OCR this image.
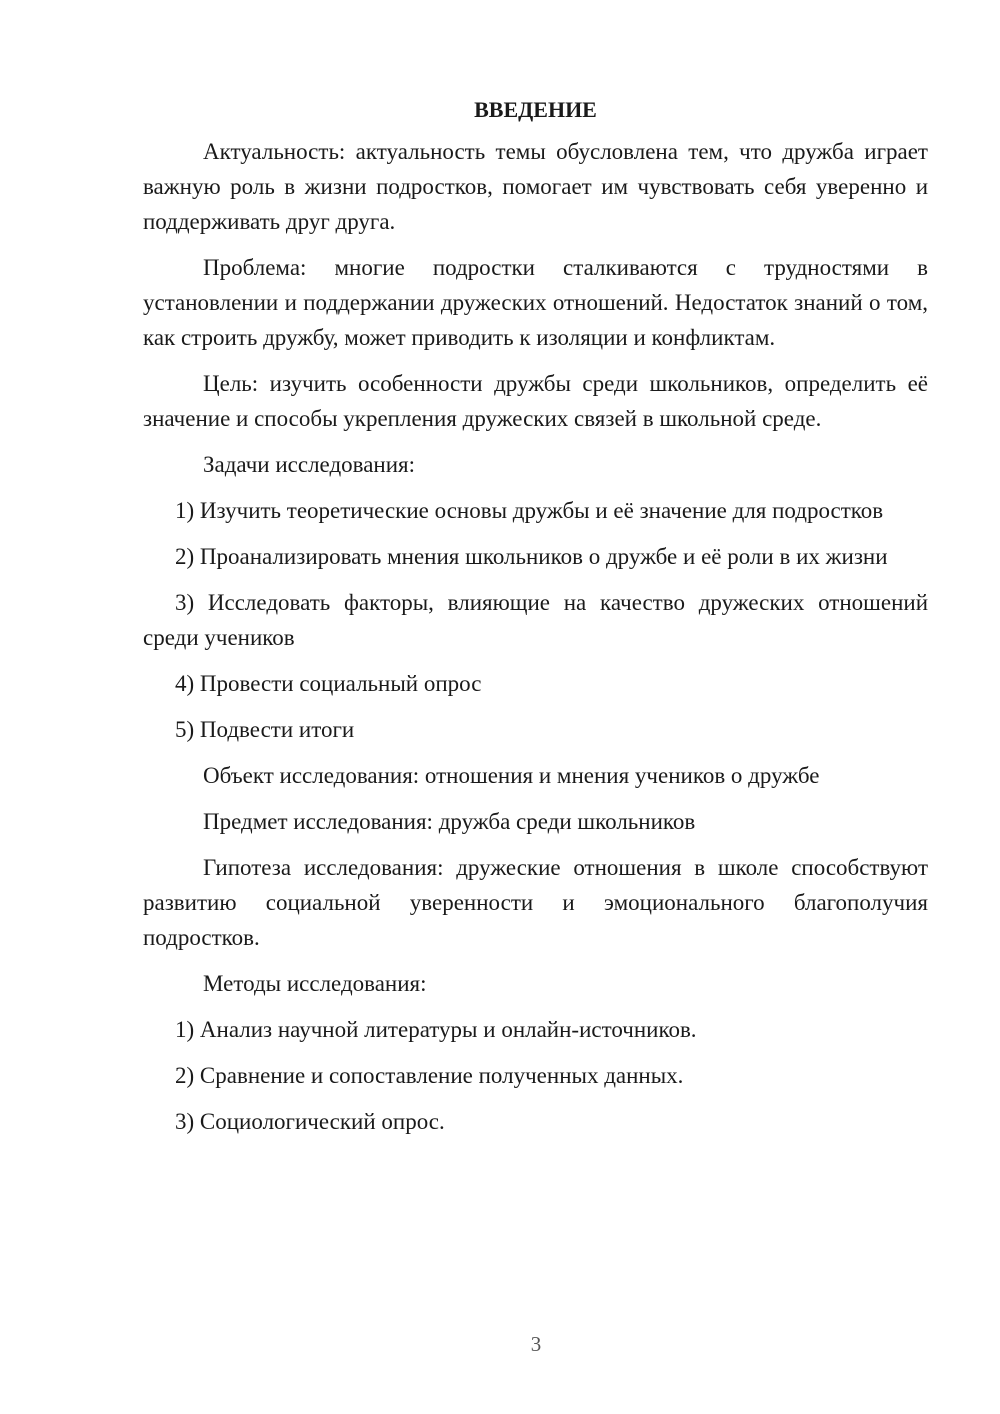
ВВЕДЕНИЕ

Актуальность: актуальность темы обусловлена тем, что дружба играет важную роль в жизни подростков, помогает им чувствовать себя уверенно и поддерживать друг друга.

Проблема: многие подростки сталкиваются с трудностями в установлении и поддержании дружеских отношений. Недостаток знаний о том, как строить дружбу, может приводить к изоляции и конфликтам.

Цель: изучить особенности дружбы среди школьников, определить её значение и способы укрепления дружеских связей в школьной среде.

Задачи исследования:

1) Изучить теоретические основы дружбы и её значение для подростков

2) Проанализировать мнения школьников о дружбе и её роли в их жизни

3) Исследовать факторы, влияющие на качество дружеских отношений среди учеников

4) Провести социальный опрос

5) Подвести итоги

Объект исследования: отношения и мнения учеников о дружбе

Предмет исследования: дружба среди школьников

Гипотеза исследования: дружеские отношения в школе способствуют развитию социальной уверенности и эмоционального благополучия подростков.

Методы исследования:

1) Анализ научной литературы и онлайн-источников.

2) Сравнение и сопоставление полученных данных.

3) Социологический опрос.

3
